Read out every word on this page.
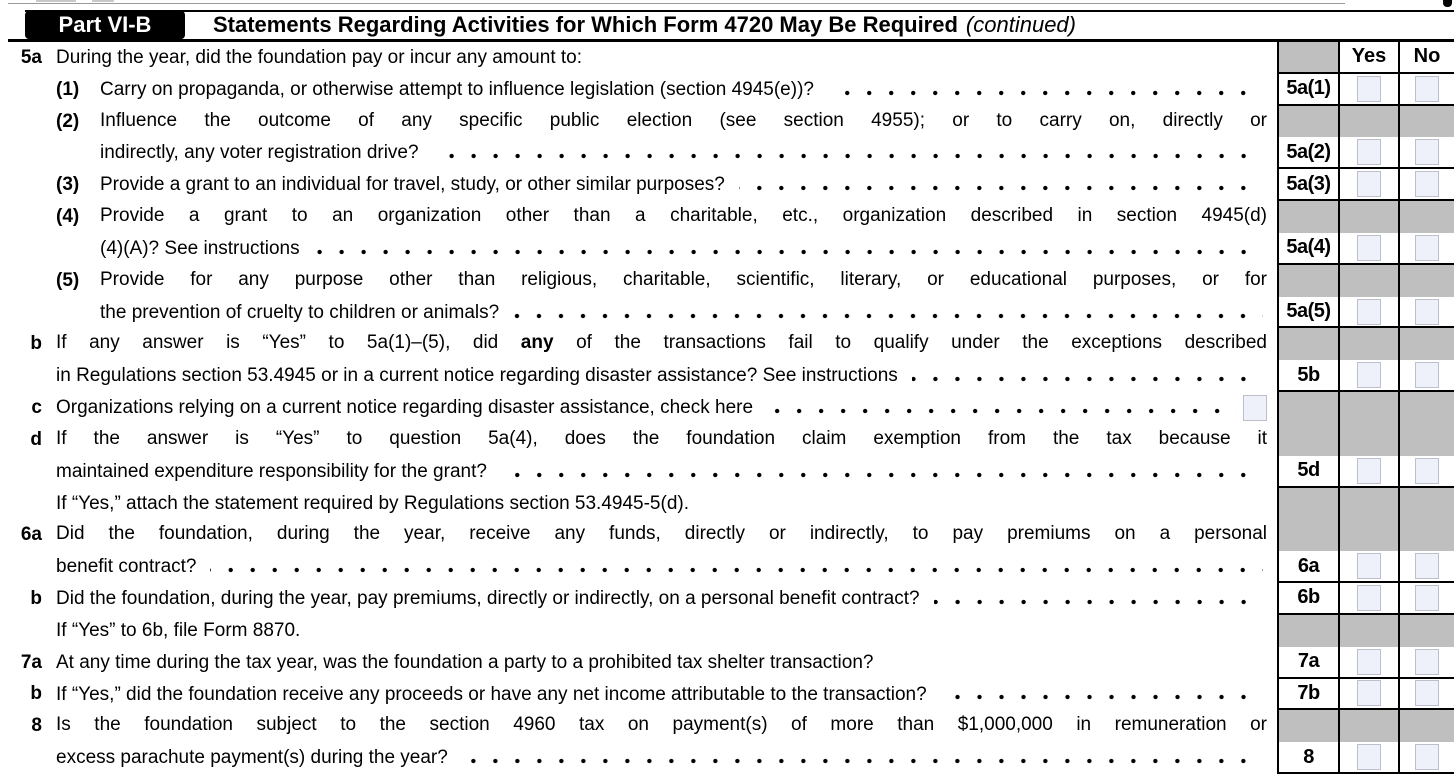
Part VI-B	Statements Regarding Activities for Which Form 4720 May Be Required (continued)
5a During the year, did the foundation pay or incur any amount to:	Yes	No
(1)	Carry on propaganda, or otherwise attempt to influence legislation (section 4945(e))?	5a(1)
(2)	Influence the outcome of any specific public election (see section 4955); or to carry on, directly or
indirectly, any voter registration drive?	5a(2)
(3)	Provide a grant to an individual for travel, study, or other similar purposes?	5a(3)
(4)	Provide a grant to an organization other than a charitable, etc., organization described in section 4945(d)
(4)(A)? See instructions	5a(4)
(5)	Provide for any purpose other than religious, charitable, scientific, literary, or educational purposes, or for
the prevention of cruelty to children or animals?	5a(5)
b If any answer is “Yes” to 5a(1)–(5), did any of the transactions fail to qualify under the exceptions described
in Regulations section 53.4945 or in a current notice regarding disaster assistance? See instructions	5b
c Organizations relying on a current notice regarding disaster assistance, check here
d If the answer is “Yes” to question 5a(4), does the foundation claim exemption from the tax because it
maintained expenditure responsibility for the grant?	5d
If “Yes,” attach the statement required by Regulations section 53.4945-5(d).
6a Did the foundation, during the year, receive any funds, directly or indirectly, to pay premiums on a personal
benefit contract?	6a
b Did the foundation, during the year, pay premiums, directly or indirectly, on a personal benefit contract?	6b
If “Yes” to 6b, file Form 8870.
7a At any time during the tax year, was the foundation a party to a prohibited tax shelter transaction?	7a
b If “Yes,” did the foundation receive any proceeds or have any net income attributable to the transaction?	7b
8 Is the foundation subject to the section 4960 tax on payment(s) of more than $1,000,000 in remuneration or
excess parachute payment(s) during the year?	8
